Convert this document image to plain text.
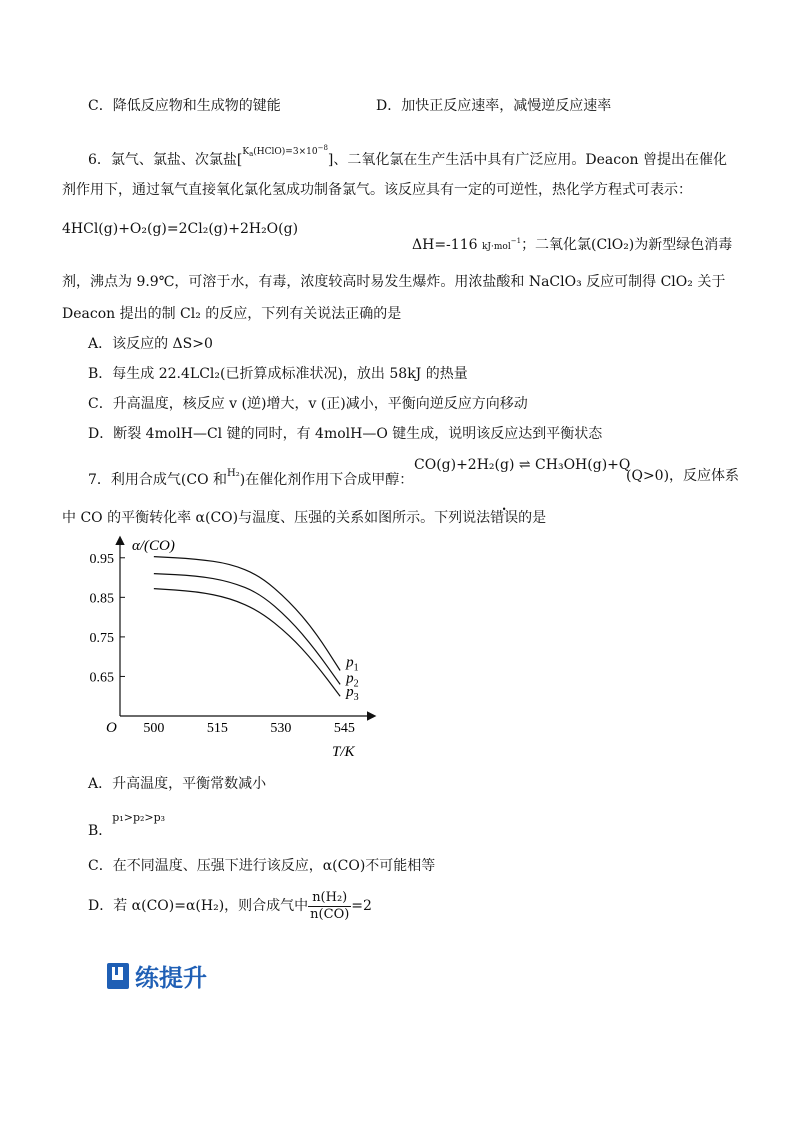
C．降低反应物和生成物的键能	D．加快正反应速率，减慢逆反应速率
6．氯气、氯盐、次氯盐$[K_a(HClO)=3\times 10^{-8}]$、二氧化氯在生产生活中具有广泛应用。Deacon 曾提出在催化
剂作用下，通过氧气直接氧化氯化氢成功制备氯气。该反应具有一定的可逆性，热化学方程式可表示：
4HCl(g)+O₂(g)=2Cl₂(g)+2H₂O(g)
ΔH=-116 kJ·mol$^{-1}$；二氧化氯(ClO₂)为新型绿色消毒
剂，沸点为 9.9℃，可溶于水，有毒，浓度较高时易发生爆炸。用浓盐酸和 NaClO₃ 反应可制得 ClO₂ 关于
Deacon 提出的制 Cl₂ 的反应，下列有关说法正确的是
A．该反应的 ΔS>0
B．每生成 22.4LCl₂(已折算成标准状况)，放出 58kJ 的热量
C．升高温度，核反应 v (逆)增大，v (正)减小，平衡向逆反应方向移动
D．断裂 4molH—Cl 键的同时，有 4molH—O 键生成，说明该反应达到平衡状态
7．利用合成气(CO 和$^{H_2}$)在催化剂作用下合成甲醇：
CO(g)+2H₂(g) ⇌ CH₃OH(g)+Q
(Q>0)，反应体系
中 CO 的平衡转化率 α(CO)与温度、压强的关系如图所示。下列说法错误的是
α/(CO)
T/K
O 500	515	530	545
0.95
0.85
0.75
0.65
$p_1$
$p_2$
$p_3$
A．升高温度，平衡常数减小
B．$^{p_1>p_2>p_3}$
C．在不同温度、压强下进行该反应，α(CO)不可能相等
D．若 α(CO)=α(H₂)，则合成气中 $\frac{\text{n(H₂)}}{n(CO)} =2$
练提升
